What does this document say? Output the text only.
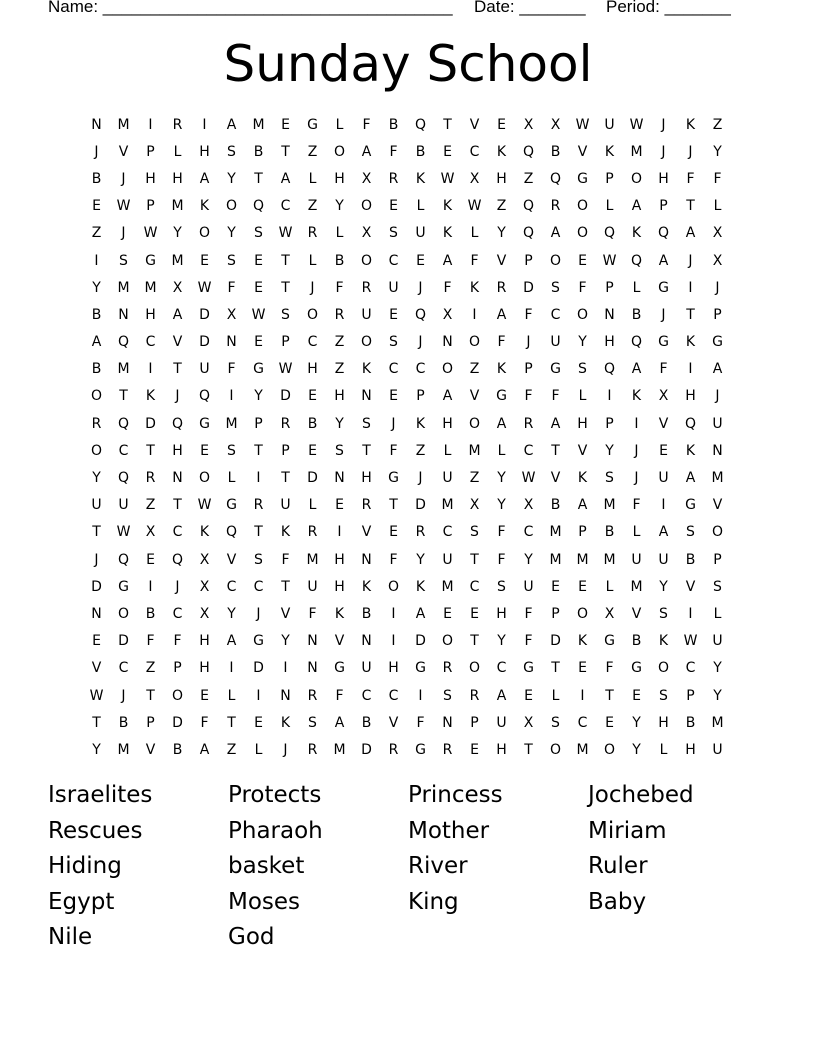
Name: _____________________________________ Date: _______ Period: _______
Sunday School
N	M	I	R	I	A	M	E	G	L	F	B	Q	T	V	E	X	X	W	U	W	J	K	Z
J	V	P	L	H	S	B	T	Z	O	A	F	B	E	C	K	Q	B	V	K	M	J	J	Y
B	J	H	H	A	Y	T	A	L	H	X	R	K	W	X	H	Z	Q	G	P	O	H	F	F
E	W	P	M	K	O	Q	C	Z	Y	O	E	L	K	W	Z	Q	R	O	L	A	P	T	L
Z	J	W	Y	O	Y	S	W	R	L	X	S	U	K	L	Y	Q	A	O	Q	K	Q	A	X
I	S	G	M	E	S	E	T	L	B	O	C	E	A	F	V	P	O	E	W	Q	A	J	X
Y	M	M	X	W	F	E	T	J	F	R	U	J	F	K	R	D	S	F	P	L	G	I	J
B	N	H	A	D	X	W	S	O	R	U	E	Q	X	I	A	F	C	O	N	B	J	T	P
A	Q	C	V	D	N	E	P	C	Z	O	S	J	N	O	F	J	U	Y	H	Q	G	K	G
B	M	I	T	U	F	G	W	H	Z	K	C	C	O	Z	K	P	G	S	Q	A	F	I	A
O	T	K	J	Q	I	Y	D	E	H	N	E	P	A	V	G	F	F	L	I	K	X	H	J
R	Q	D	Q	G	M	P	R	B	Y	S	J	K	H	O	A	R	A	H	P	I	V	Q	U
O	C	T	H	E	S	T	P	E	S	T	F	Z	L	M	L	C	T	V	Y	J	E	K	N
Y	Q	R	N	O	L	I	T	D	N	H	G	J	U	Z	Y	W	V	K	S	J	U	A	M
U	U	Z	T	W	G	R	U	L	E	R	T	D	M	X	Y	X	B	A	M	F	I	G	V
T	W	X	C	K	Q	T	K	R	I	V	E	R	C	S	F	C	M	P	B	L	A	S	O
J	Q	E	Q	X	V	S	F	M	H	N	F	Y	U	T	F	Y	M	M	M	U	U	B	P
D	G	I	J	X	C	C	T	U	H	K	O	K	M	C	S	U	E	E	L	M	Y	V	S
N	O	B	C	X	Y	J	V	F	K	B	I	A	E	E	H	F	P	O	X	V	S	I	L
E	D	F	F	H	A	G	Y	N	V	N	I	D	O	T	Y	F	D	K	G	B	K	W	U
V	C	Z	P	H	I	D	I	N	G	U	H	G	R	O	C	G	T	E	F	G	O	C	Y
W	J	T	O	E	L	I	N	R	F	C	C	I	S	R	A	E	L	I	T	E	S	P	Y
T	B	P	D	F	T	E	K	S	A	B	V	F	N	P	U	X	S	C	E	Y	H	B	M
Y	M	V	B	A	Z	L	J	R	M	D	R	G	R	E	H	T	O	M	O	Y	L	H	U
Israelites	Protects	Princess	Jochebed
Rescues	Pharaoh	Mother	Miriam
Hiding	basket	River	Ruler
Egypt	Moses	King	Baby
Nile	God
